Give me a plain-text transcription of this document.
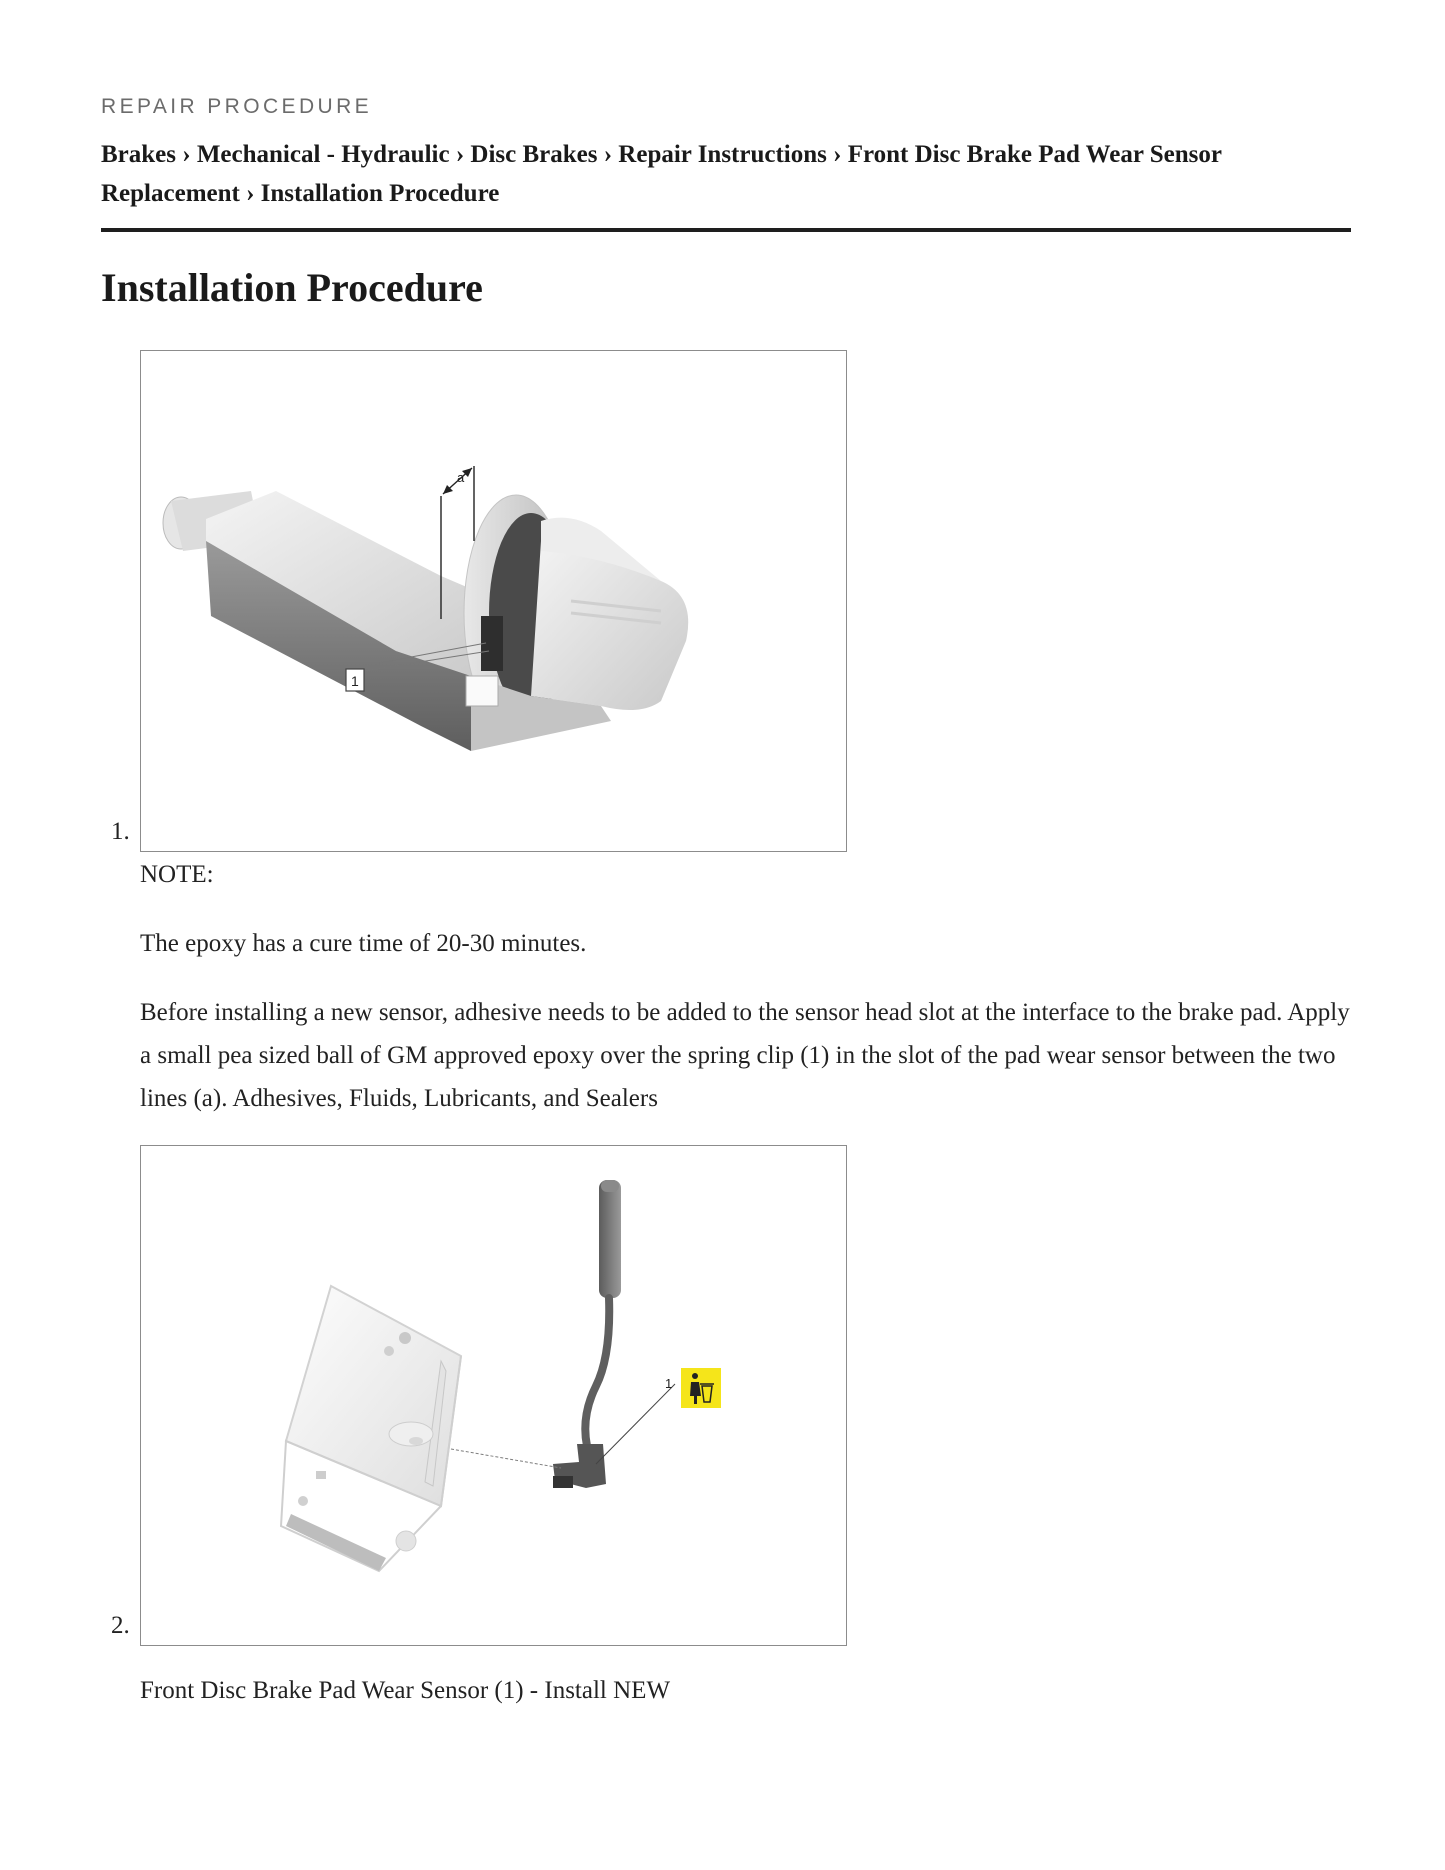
REPAIR PROCEDURE
Brakes › Mechanical - Hydraulic › Disc Brakes › Repair Instructions › Front Disc Brake Pad Wear Sensor Replacement › Installation Procedure
Installation Procedure
a
1
1.

NOTE:

The epoxy has a cure time of 20-30 minutes.

Before installing a new sensor, adhesive needs to be added to the sensor head slot at the interface to the brake pad. Apply a small pea sized ball of GM approved epoxy over the spring clip (1) in the slot of the pad wear sensor between the two lines (a). Adhesives, Fluids, Lubricants, and Sealers

1
2.

Front Disc Brake Pad Wear Sensor (1) - Install NEW
